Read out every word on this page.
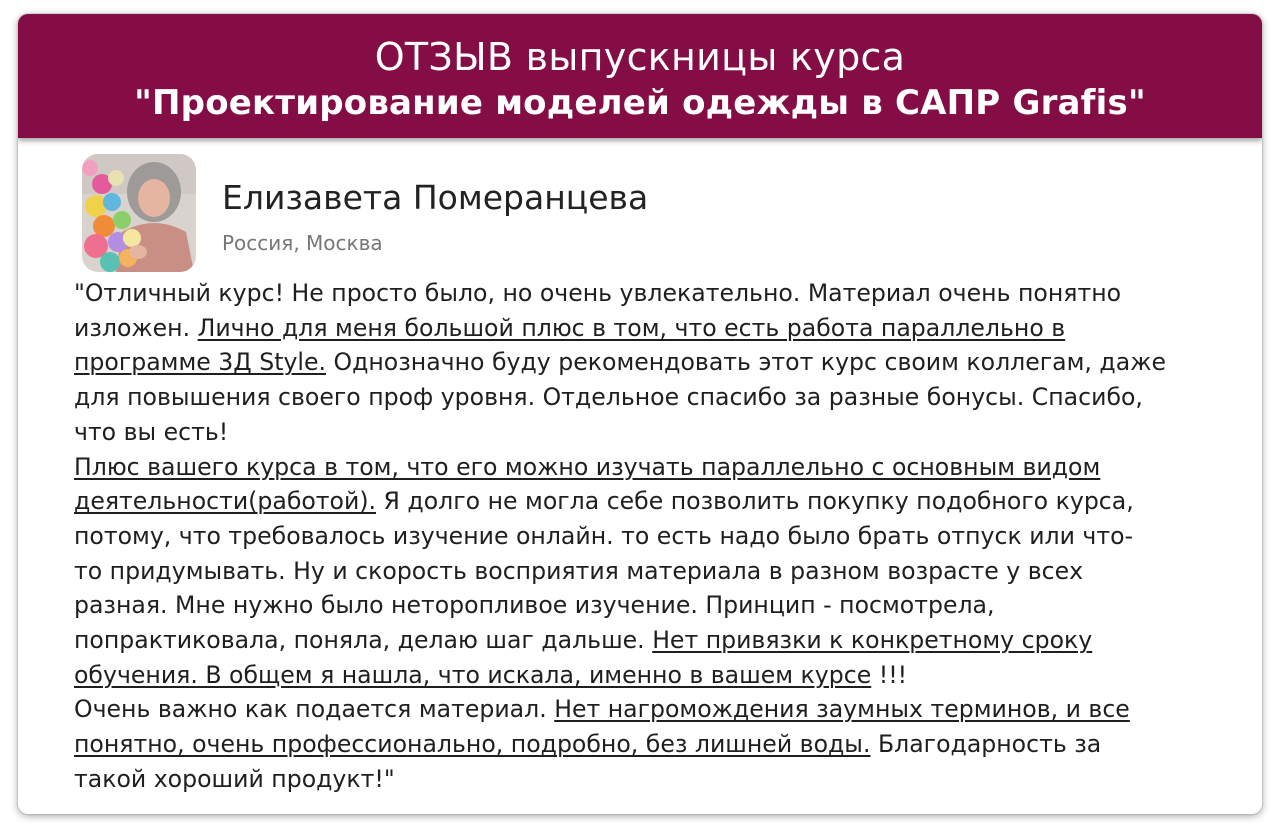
ОТЗЫВ выпускницы курса
"Проектирование моделей одежды в САПР Grafis"
Елизавета Померанцева
Россия, Москва

"Отличный курс! Не просто было, но очень увлекательно. Материал очень понятно

изложен. Лично для меня большой плюс в том, что есть работа параллельно в

программе 3Д Style. Однозначно буду рекомендовать этот курс своим коллегам, даже

для повышения своего проф уровня. Отдельное спасибо за разные бонусы. Спасибо,

что вы есть!

Плюс вашего курса в том, что его можно изучать параллельно с основным видом

деятельности(работой). Я долго не могла себе позволить покупку подобного курса,

потому, что требовалось изучение онлайн. то есть надо было брать отпуск или что-

то придумывать. Ну и скорость восприятия материала в разном возрасте у всех

разная. Мне нужно было неторопливое изучение. Принцип - посмотрела,

попрактиковала, поняла, делаю шаг дальше. Нет привязки к конкретному сроку

обучения. В общем я нашла, что искала, именно в вашем курсе !!!

Очень важно как подается материал. Нет нагромождения заумных терминов, и все

понятно, очень профессионально, подробно, без лишней воды. Благодарность за

такой хороший продукт!"
